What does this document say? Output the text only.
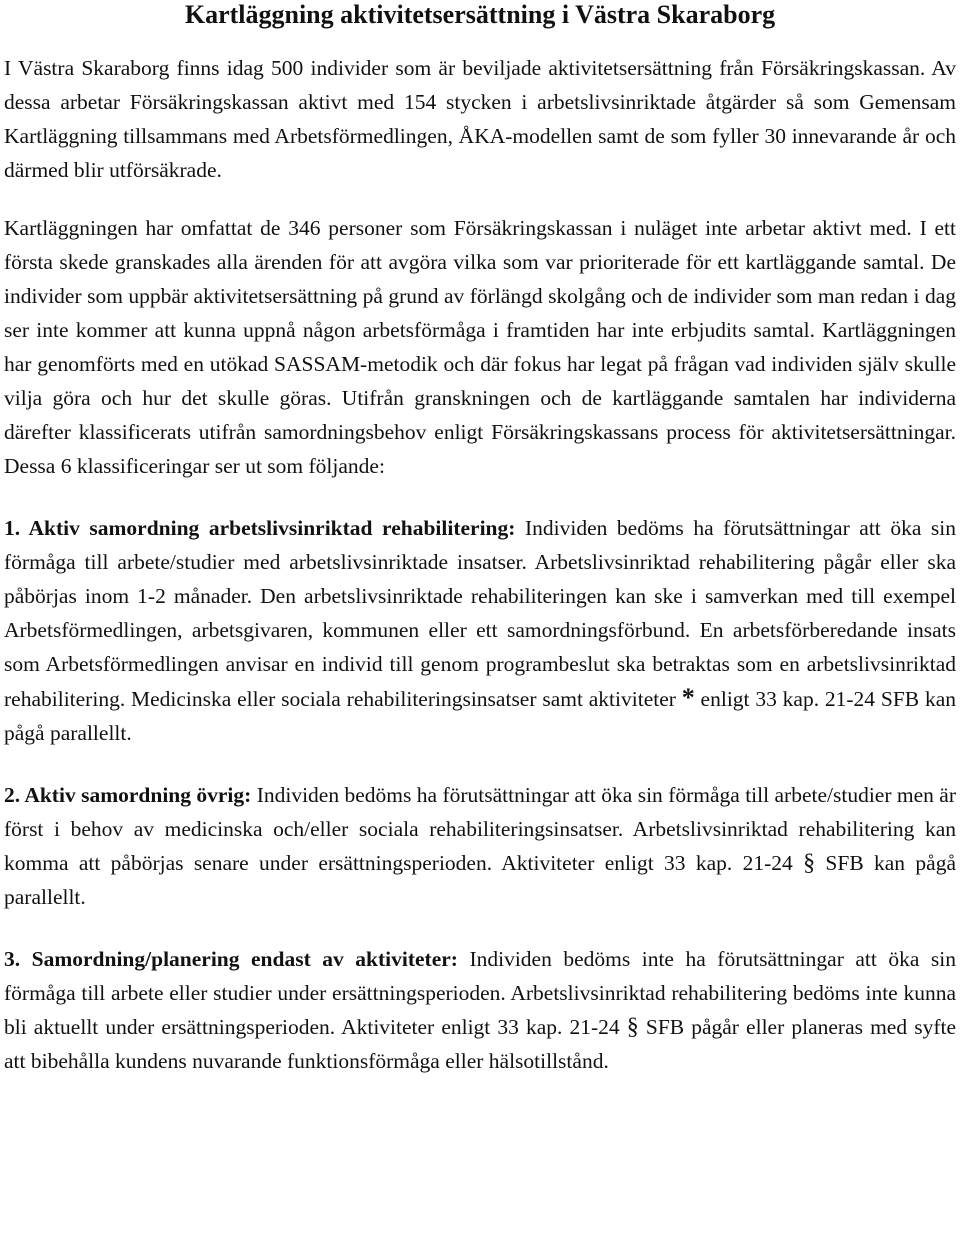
Kartläggning aktivitetsersättning i Västra Skaraborg

I Västra Skaraborg finns idag 500 individer som är beviljade aktivitetsersättning från Försäkringskassan. Av dessa arbetar Försäkringskassan aktivt med 154 stycken i arbetslivsinriktade åtgärder så som Gemensam Kartläggning tillsammans med Arbetsförmedlingen, ÅKA-modellen samt de som fyller 30 innevarande år och därmed blir utförsäkrade.

Kartläggningen har omfattat de 346 personer som Försäkringskassan i nuläget inte arbetar aktivt med. I ett första skede granskades alla ärenden för att avgöra vilka som var prioriterade för ett kartläggande samtal. De individer som uppbär aktivitetsersättning på grund av förlängd skolgång och de individer som man redan i dag ser inte kommer att kunna uppnå någon arbetsförmåga i framtiden har inte erbjudits samtal. Kartläggningen har genomförts med en utökad SASSAM-metodik och där fokus har legat på frågan vad individen själv skulle vilja göra och hur det skulle göras. Utifrån granskningen och de kartläggande samtalen har individerna därefter klassificerats utifrån samordningsbehov enligt Försäkringskassans process för aktivitetsersättningar. Dessa 6 klassificeringar ser ut som följande:

1. Aktiv samordning arbetslivsinriktad rehabilitering: Individen bedöms ha förutsättningar att öka sin förmåga till arbete/studier med arbetslivsinriktade insatser. Arbetslivsinriktad rehabilitering pågår eller ska påbörjas inom 1-2 månader. Den arbetslivsinriktade rehabiliteringen kan ske i samverkan med till exempel Arbetsförmedlingen, arbetsgivaren, kommunen eller ett samordningsförbund. En arbetsförberedande insats som Arbetsförmedlingen anvisar en individ till genom programbeslut ska betraktas som en arbetslivsinriktad rehabilitering. Medicinska eller sociala rehabiliteringsinsatser samt aktiviteter * enligt 33 kap. 21-24 SFB kan pågå parallellt.

2. Aktiv samordning övrig: Individen bedöms ha förutsättningar att öka sin förmåga till arbete/studier men är först i behov av medicinska och/eller sociala rehabiliteringsinsatser. Arbetslivsinriktad rehabilitering kan komma att påbörjas senare under ersättningsperioden. Aktiviteter enligt 33 kap. 21-24 § SFB kan pågå parallellt.

3. Samordning/planering endast av aktiviteter: Individen bedöms inte ha förutsättningar att öka sin förmåga till arbete eller studier under ersättningsperioden. Arbetslivsinriktad rehabilitering bedöms inte kunna bli aktuellt under ersättningsperioden. Aktiviteter enligt 33 kap. 21-24 § SFB pågår eller planeras med syfte att bibehålla kundens nuvarande funktionsförmåga eller hälsotillstånd.
